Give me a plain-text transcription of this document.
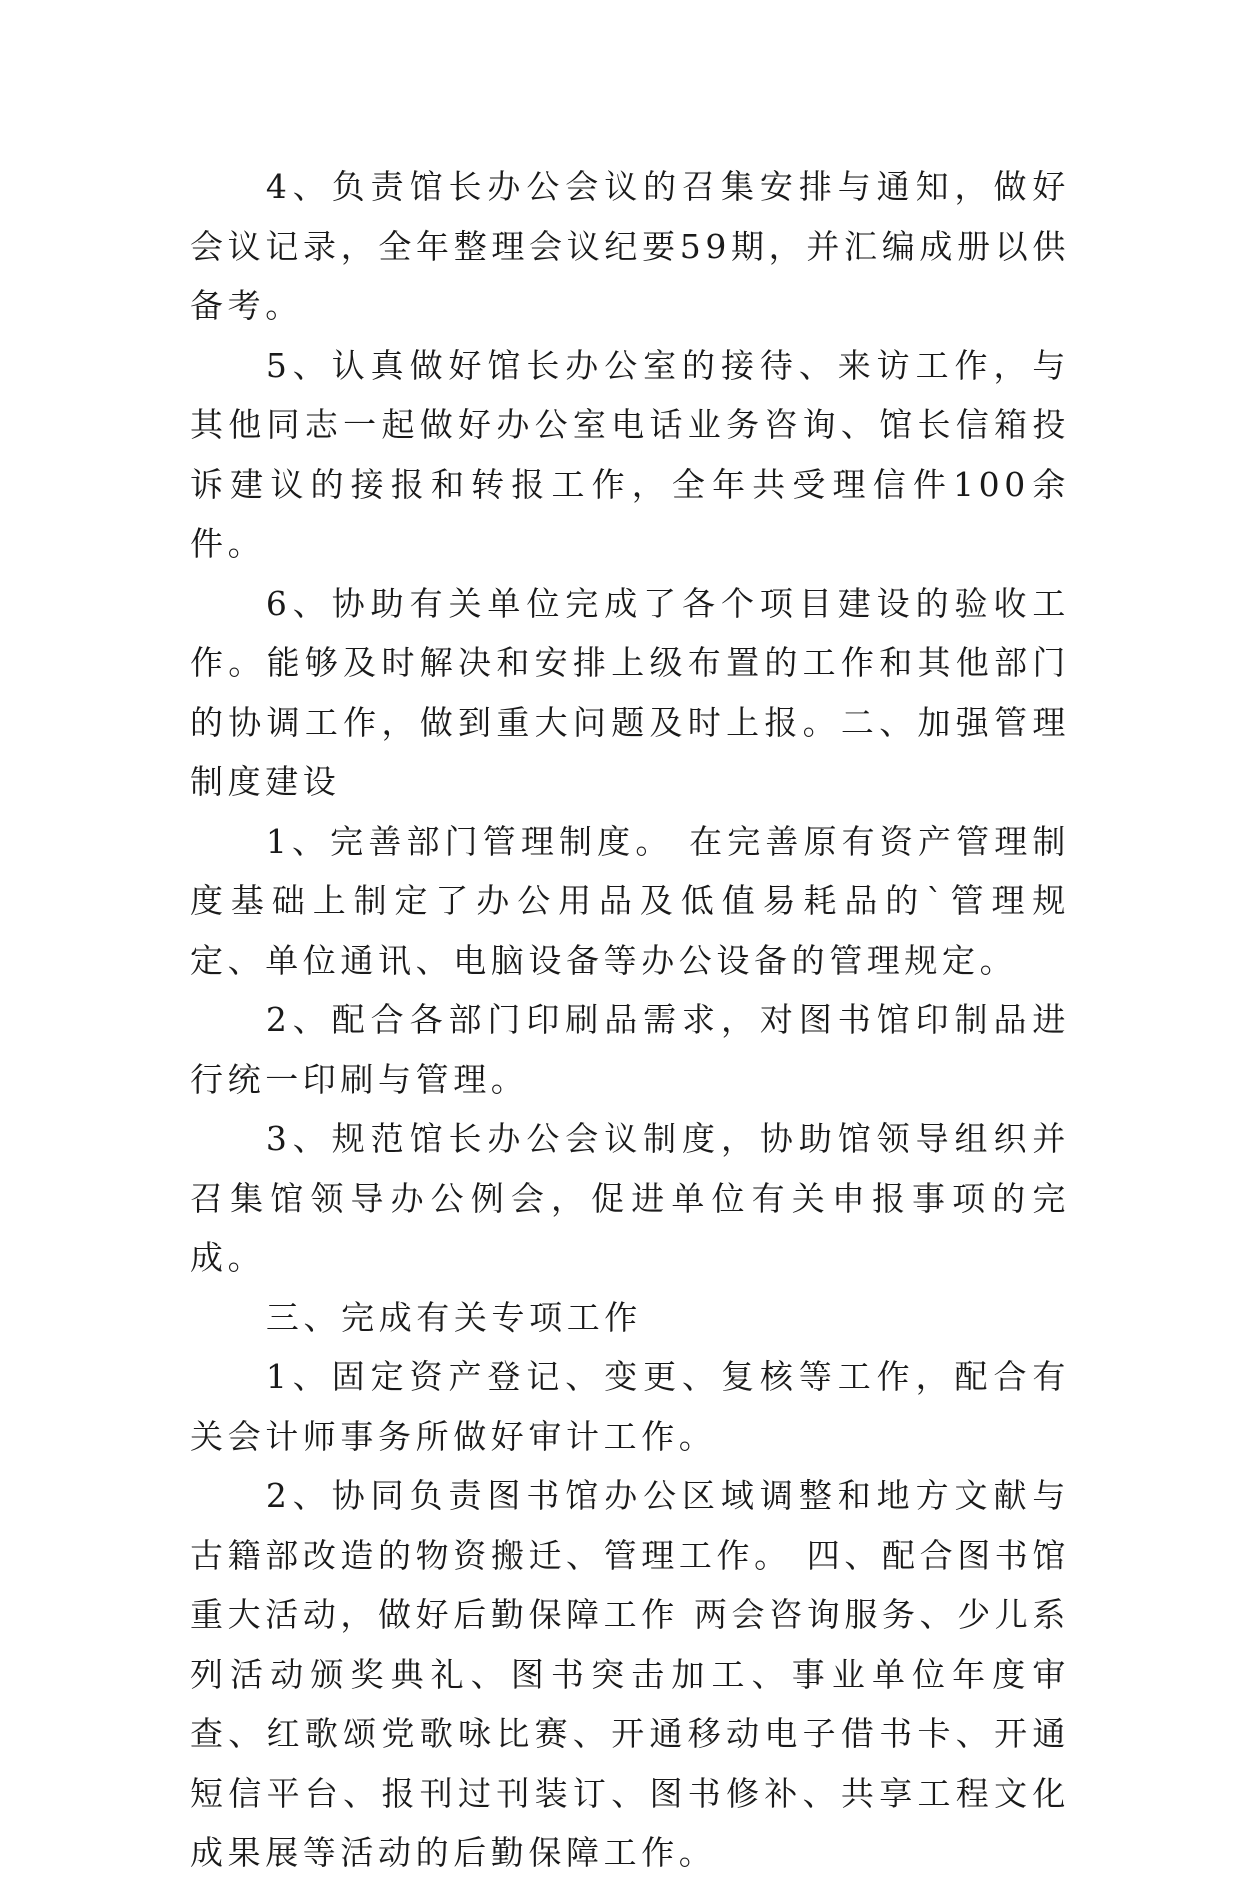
4、负责馆长办公会议的召集安排与通知，做好会议记录，全年整理会议纪要59期，并汇编成册以供备考。

5、认真做好馆长办公室的接待、来访工作，与其他同志一起做好办公室电话业务咨询、馆长信箱投诉建议的接报和转报工作，全年共受理信件100余件。

6、协助有关单位完成了各个项目建设的验收工作。能够及时解决和安排上级布置的工作和其他部门的协调工作，做到重大问题及时上报。二、加强管理制度建设

1、完善部门管理制度。 在完善原有资产管理制度基础上制定了办公用品及低值易耗品的`管理规定、单位通讯、电脑设备等办公设备的管理规定。

2、配合各部门印刷品需求，对图书馆印制品进行统一印刷与管理。

3、规范馆长办公会议制度，协助馆领导组织并召集馆领导办公例会，促进单位有关申报事项的完成。

三、完成有关专项工作

1、固定资产登记、变更、复核等工作，配合有关会计师事务所做好审计工作。

2、协同负责图书馆办公区域调整和地方文献与古籍部改造的物资搬迁、管理工作。 四、配合图书馆重大活动，做好后勤保障工作 两会咨询服务、少儿系列活动颁奖典礼、图书突击加工、事业单位年度审查、红歌颂党歌咏比赛、开通移动电子借书卡、开通短信平台、报刊过刊装订、图书修补、共享工程文化成果展等活动的后勤保障工作。
